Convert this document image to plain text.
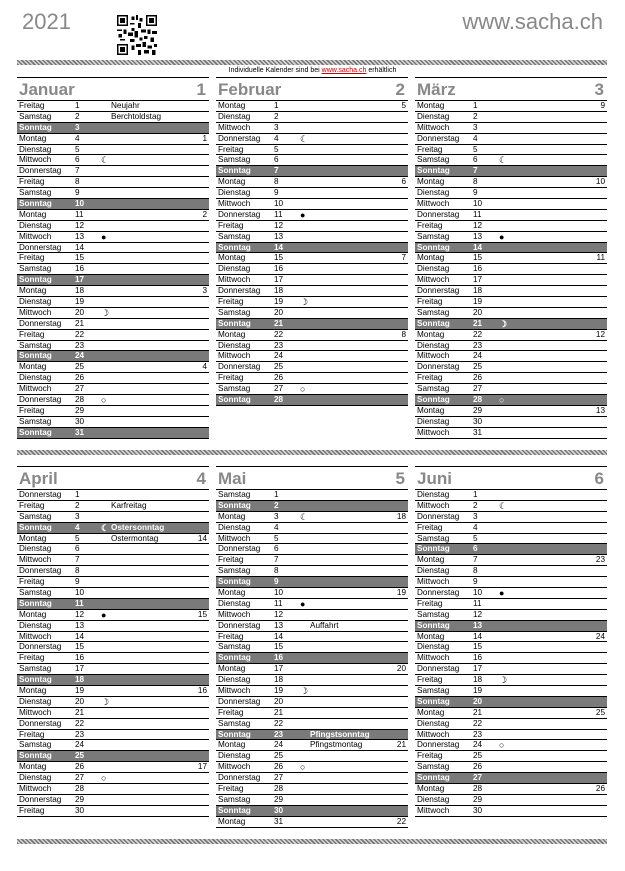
2021	www.sacha.ch
Individuelle Kalender sind bei www.sacha.ch erhältlich
Januar	1
Freitag	1	Neujahr
Samstag	2	Berchtoldstag
Sonntag	3
Montag	4	1
Dienstag	5
Mittwoch	6 ☾
Donnerstag 7
Freitag	8
Samstag	9
Sonntag	10
Montag	11	2
Dienstag	12
Mittwoch	13 ●
Donnerstag 14
Freitag	15
Samstag	16
Sonntag	17
Montag	18	3
Dienstag	19
Mittwoch	20 ☽
Donnerstag 21
Freitag	22
Samstag	23
Sonntag	24
Montag	25	4
Dienstag	26
Mittwoch	27
Donnerstag 28 ○
Freitag	29
Samstag	30
Sonntag	31
Februar	2
Montag	1	5
Dienstag	2
Mittwoch	3
Donnerstag 4 ☾
Freitag	5
Samstag	6
Sonntag	7
Montag	8	6
Dienstag	9
Mittwoch	10
Donnerstag 11 ●
Freitag	12
Samstag	13
Sonntag	14
Montag	15	7
Dienstag	16
Mittwoch	17
Donnerstag 18
Freitag	19 ☽
Samstag	20
Sonntag	21
Montag	22	8
Dienstag	23
Mittwoch	24
Donnerstag 25
Freitag	26
Samstag	27 ○
Sonntag	28
März	3
Montag	1	9
Dienstag	2
Mittwoch	3
Donnerstag 4
Freitag	5
Samstag	6 ☾
Sonntag	7
Montag	8	10
Dienstag	9
Mittwoch	10
Donnerstag 11
Freitag	12
Samstag	13 ●
Sonntag	14
Montag	15	11
Dienstag	16
Mittwoch	17
Donnerstag 18
Freitag	19
Samstag	20
Sonntag	21 ☽
Montag	22	12
Dienstag	23
Mittwoch	24
Donnerstag 25
Freitag	26
Samstag	27
Sonntag	28 ○
Montag	29	13
Dienstag	30
Mittwoch	31
April	4
Donnerstag 1
Freitag	2	Karfreitag
Samstag	3
Sonntag	4 ☾ Ostersonntag
Montag	5	Ostermontag	14
Dienstag	6
Mittwoch	7
Donnerstag 8
Freitag	9
Samstag	10
Sonntag	11
Montag	12 ●	15
Dienstag	13
Mittwoch	14
Donnerstag 15
Freitag	16
Samstag	17
Sonntag	18
Montag	19	16
Dienstag	20 ☽
Mittwoch	21
Donnerstag 22
Freitag	23
Samstag	24
Sonntag	25
Montag	26	17
Dienstag	27 ○
Mittwoch	28
Donnerstag 29
Freitag	30
Mai	5
Samstag	1
Sonntag	2
Montag	3 ☾	18
Dienstag	4
Mittwoch	5
Donnerstag 6
Freitag	7
Samstag	8
Sonntag	9
Montag	10	19
Dienstag	11 ●
Mittwoch	12
Donnerstag 13	Auffahrt
Freitag	14
Samstag	15
Sonntag	16
Montag	17	20
Dienstag	18
Mittwoch	19 ☽
Donnerstag 20
Freitag	21
Samstag	22
Sonntag	23	Pfingstsonntag
Montag	24	Pfingstmontag	21
Dienstag	25
Mittwoch	26 ○
Donnerstag 27
Freitag	28
Samstag	29
Sonntag	30
Montag	31	22
Juni	6
Dienstag	1
Mittwoch	2 ☾
Donnerstag 3
Freitag	4
Samstag	5
Sonntag	6
Montag	7	23
Dienstag	8
Mittwoch	9
Donnerstag 10 ●
Freitag	11
Samstag	12
Sonntag	13
Montag	14	24
Dienstag	15
Mittwoch	16
Donnerstag 17
Freitag	18 ☽
Samstag	19
Sonntag	20
Montag	21	25
Dienstag	22
Mittwoch	23
Donnerstag 24 ○
Freitag	25
Samstag	26
Sonntag	27
Montag	28	26
Dienstag	29
Mittwoch	30
